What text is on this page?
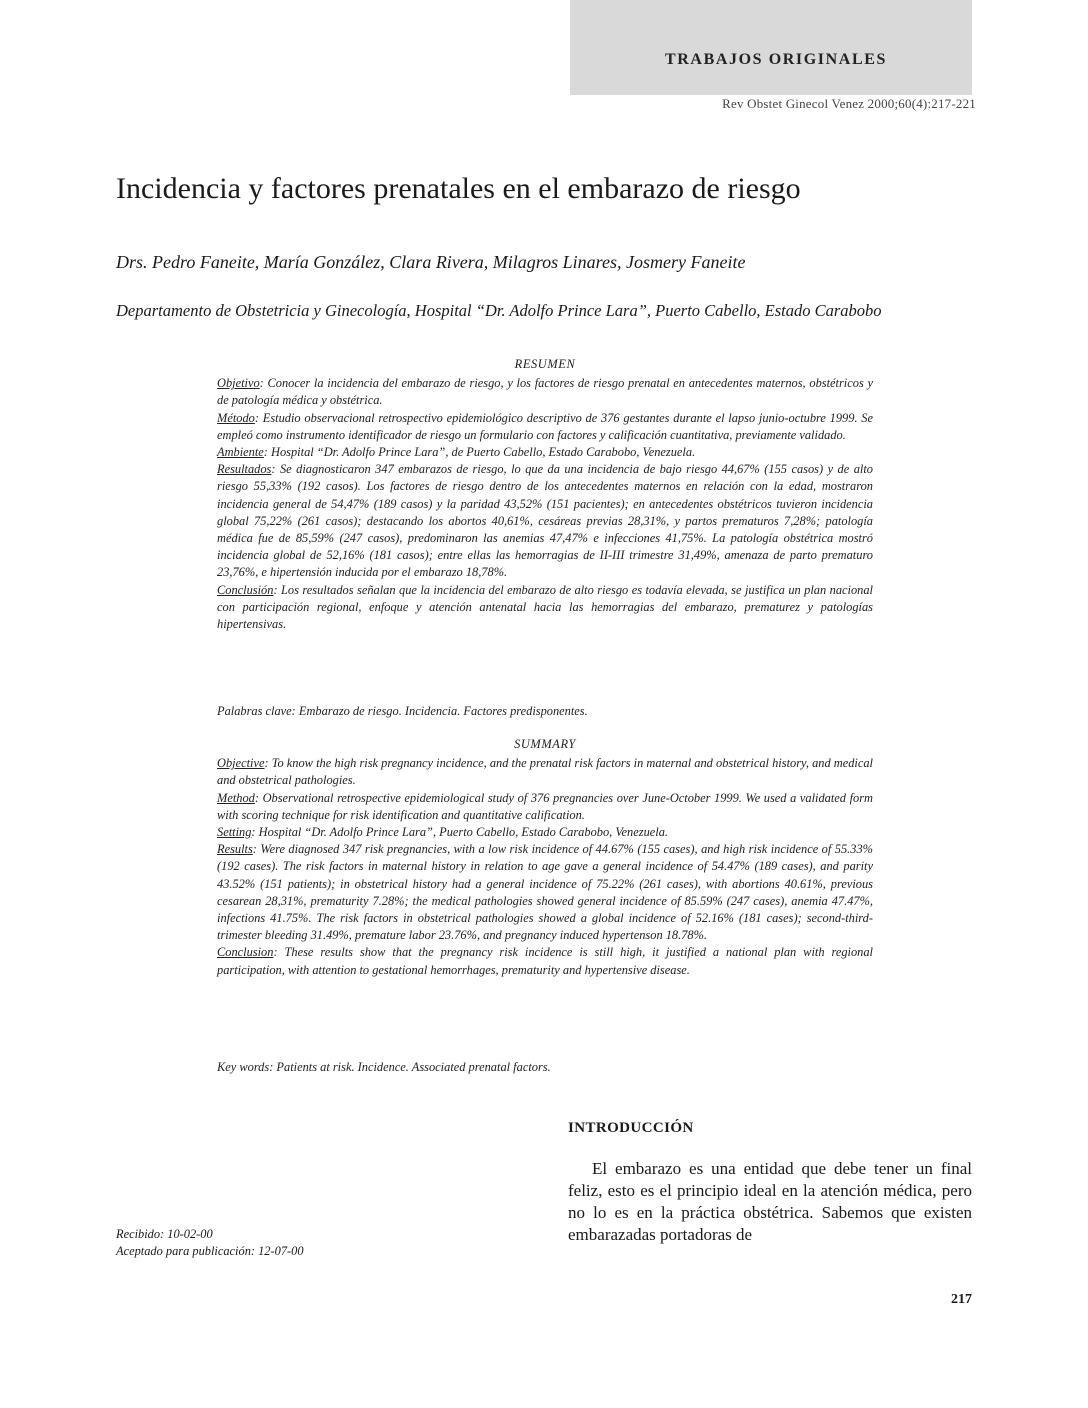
TRABAJOS ORIGINALES
Rev Obstet Ginecol Venez 2000;60(4):217-221
Incidencia y factores prenatales en el embarazo de riesgo
Drs. Pedro Faneite, María González, Clara Rivera, Milagros Linares, Josmery Faneite
Departamento de Obstetricia y Ginecología, Hospital “Dr. Adolfo Prince Lara”, Puerto Cabello, Estado Carabobo
RESUMEN

Objetivo: Conocer la incidencia del embarazo de riesgo, y los factores de riesgo prenatal en antecedentes maternos, obstétricos y de patología médica y obstétrica.

Método: Estudio observacional retrospectivo epidemiológico descriptivo de 376 gestantes durante el lapso junio-octubre 1999. Se empleó como instrumento identificador de riesgo un formulario con factores y calificación cuantitativa, previamente validado.

Ambiente: Hospital “Dr. Adolfo Prince Lara”, de Puerto Cabello, Estado Carabobo, Venezuela.

Resultados: Se diagnosticaron 347 embarazos de riesgo, lo que da una incidencia de bajo riesgo 44,67% (155 casos) y de alto riesgo 55,33% (192 casos). Los factores de riesgo dentro de los antecedentes maternos en relación con la edad, mostraron incidencia general de 54,47% (189 casos) y la paridad 43,52% (151 pacientes); en antecedentes obstétricos tuvieron incidencia global 75,22% (261 casos); destacando los abortos 40,61%, cesáreas previas 28,31%, y partos prematuros 7,28%; patología médica fue de 85,59% (247 casos), predominaron las anemias 47,47% e infecciones 41,75%. La patología obstétrica mostró incidencia global de 52,16% (181 casos); entre ellas las hemorragias de II-III trimestre 31,49%, amenaza de parto prematuro 23,76%, e hipertensión inducida por el embarazo 18,78%.

Conclusión: Los resultados señalan que la incidencia del embarazo de alto riesgo es todavía elevada, se justifica un plan nacional con participación regional, enfoque y atención antenatal hacia las hemorragias del embarazo, prematurez y patologías hipertensivas.

Palabras clave: Embarazo de riesgo. Incidencia. Factores predisponentes.
SUMMARY

Objective: To know the high risk pregnancy incidence, and the prenatal risk factors in maternal and obstetrical history, and medical and obstetrical pathologies.

Method: Observational retrospective epidemiological study of 376 pregnancies over June-October 1999. We used a validated form with scoring technique for risk identification and quantitative calification.

Setting: Hospital “Dr. Adolfo Prince Lara”, Puerto Cabello, Estado Carabobo, Venezuela.

Results: Were diagnosed 347 risk pregnancies, with a low risk incidence of 44.67% (155 cases), and high risk incidence of 55.33% (192 cases). The risk factors in maternal history in relation to age gave a general incidence of 54.47% (189 cases), and parity 43.52% (151 patients); in obstetrical history had a general incidence of 75.22% (261 cases), with abortions 40.61%, previous cesarean 28,31%, prematurity 7.28%; the medical pathologies showed general incidence of 85.59% (247 cases), anemia 47.47%, infections 41.75%. The risk factors in obstetrical pathologies showed a global incidence of 52.16% (181 cases); second-third-trimester bleeding 31.49%, premature labor 23.76%, and pregnancy induced hypertenson 18.78%.

Conclusion: These results show that the pregnancy risk incidence is still high, it justified a national plan with regional participation, with attention to gestational hemorrhages, prematurity and hypertensive disease.

Key words: Patients at risk. Incidence. Associated prenatal factors.
INTRODUCCIÓN

El embarazo es una entidad que debe tener un final feliz, esto es el principio ideal en la atención médica, pero no lo es en la práctica obstétrica. Sabemos que existen embarazadas portadoras de

Recibido: 10-02-00
Aceptado para publicación: 12-07-00
217
